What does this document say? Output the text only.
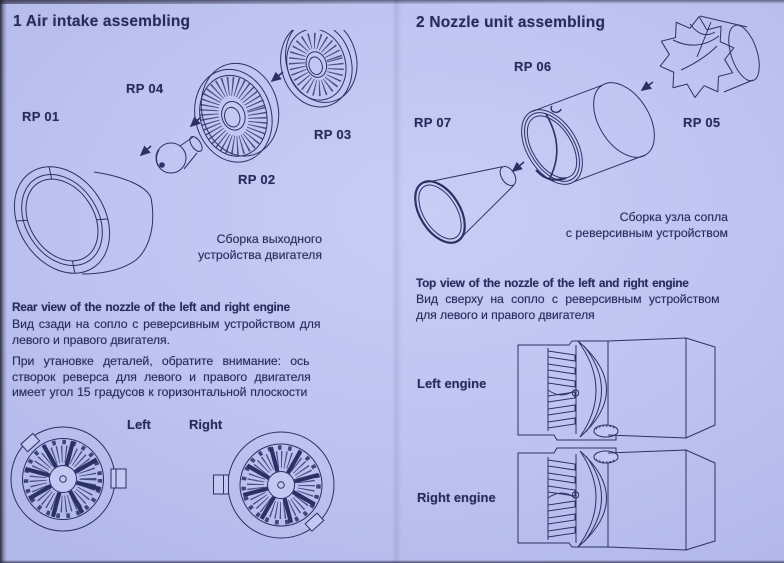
1 Air intake assembling
RP 04
RP 01
RP 03
RP 02
Сборка выходного
устройства двигателя
Rear view of the nozzle of the left and right engine
Вид сзади на сопло с реверсивным устройством для
левого и правого двигателя.
При утановке деталей, обратите внимание: ось
створок реверса для левого и правого двигателя
имеет угол 15 градусов к горизонтальной плоскости
Left	Right
2 Nozzle unit assembling
RP 06
RP 07	RP 05
Сборка узла сопла
с реверсивным устройством
Top view of the nozzle of the left and right engine
Вид сверху на сопло с реверсивным устройством
для левого и правого двигателя
Left engine
Right engine
